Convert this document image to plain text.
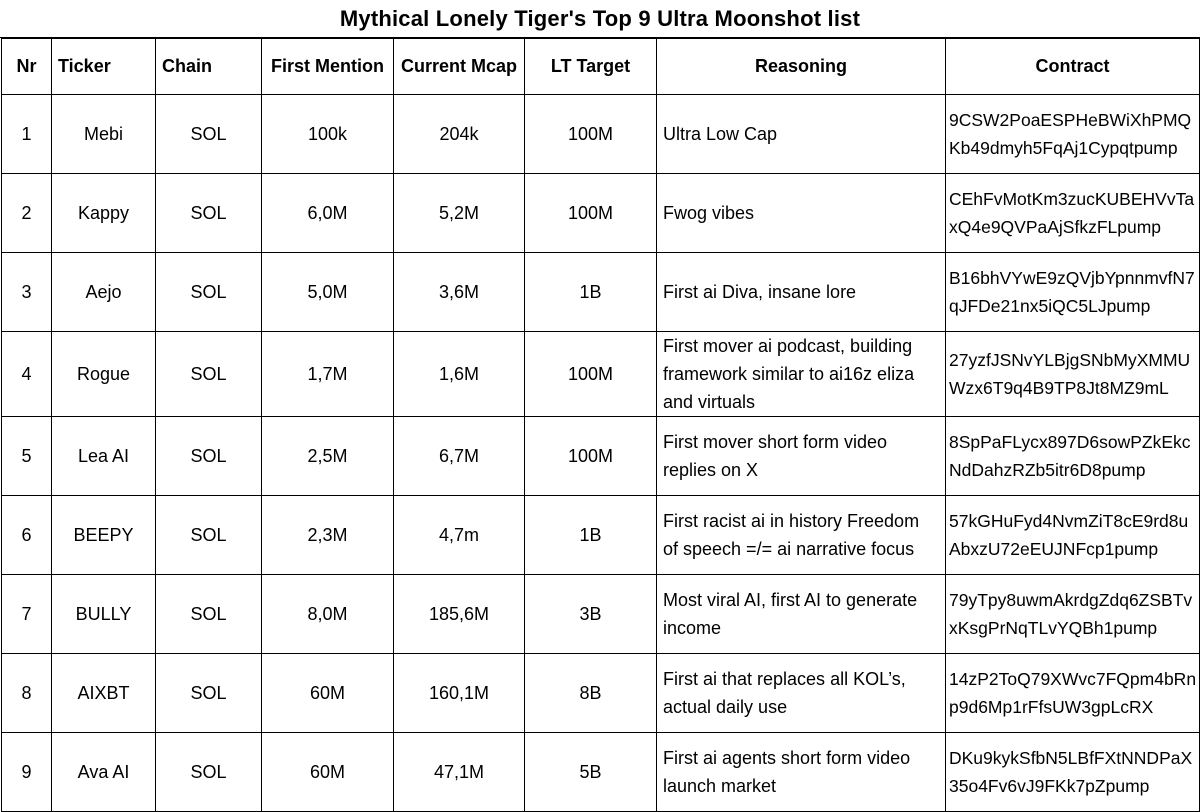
Mythical Lonely Tiger's Top 9 Ultra Moonshot list
Nr	Ticker	Chain	First Mention	Current Mcap	LT Target	Reasoning	Contract
1	Mebi	SOL	100k	204k	100M	Ultra Low Cap	9CSW2PoaESPHeBWiXhPMQKb49dmyh5FqAj1Cypqtpump
2	Kappy	SOL	6,0M	5,2M	100M	Fwog vibes	CEhFvMotKm3zucKUBEHVvTaxQ4e9QVPaAjSfkzFLpump
3	Aejo	SOL	5,0M	3,6M	1B	First ai Diva, insane lore	B16bhVYwE9zQVjbYpnnmvfN7qJFDe21nx5iQC5LJpump
4	Rogue	SOL	1,7M	1,6M	100M	First mover ai podcast, building framework similar to ai16z eliza and virtuals	27yzfJSNvYLBjgSNbMyXMMUWzx6T9q4B9TP8Jt8MZ9mL
5	Lea AI	SOL	2,5M	6,7M	100M	First mover short form video replies on X	8SpPaFLycx897D6sowPZkEkcNdDahzRZb5itr6D8pump
6	BEEPY	SOL	2,3M	4,7m	1B	First racist ai in history Freedom of speech =/= ai narrative focus	57kGHuFyd4NvmZiT8cE9rd8uAbxzU72eEUJNFcp1pump
7	BULLY	SOL	8,0M	185,6M	3B	Most viral AI, first AI to generate income	79yTpy8uwmAkrdgZdq6ZSBTvxKsgPrNqTLvYQBh1pump
8	AIXBT	SOL	60M	160,1M	8B	First ai that replaces all KOL’s, actual daily use	14zP2ToQ79XWvc7FQpm4bRnp9d6Mp1rFfsUW3gpLcRX
9	Ava AI	SOL	60M	47,1M	5B	First ai agents short form video launch market	DKu9kykSfbN5LBfFXtNNDPaX35o4Fv6vJ9FKk7pZpump
